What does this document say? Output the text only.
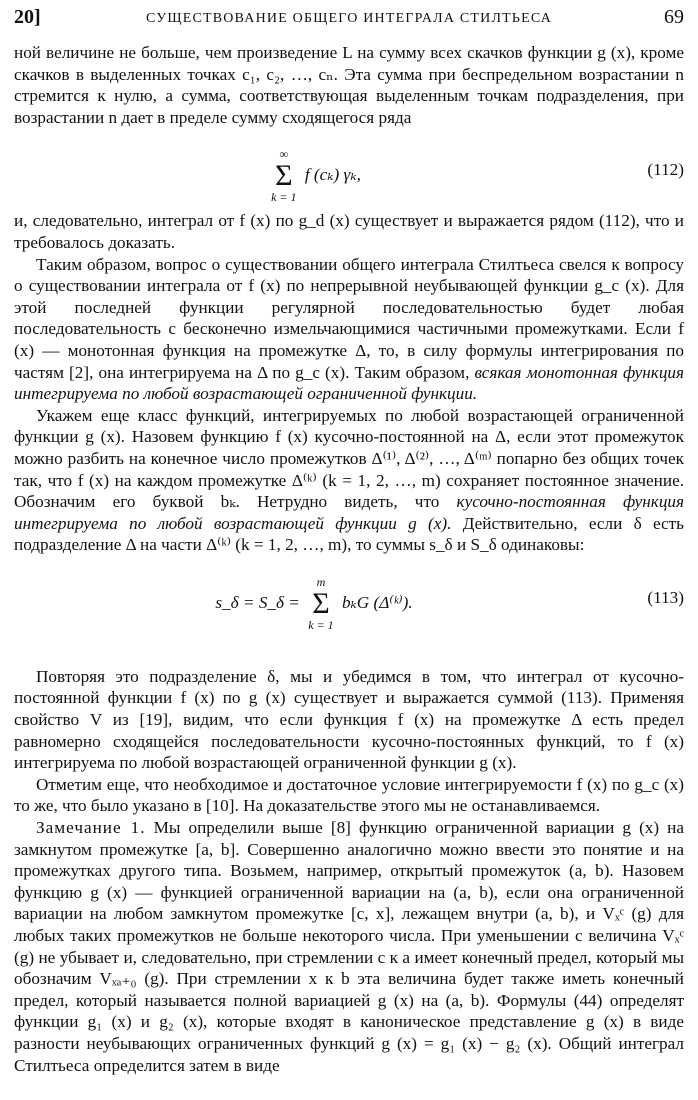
20]	СУЩЕСТВОВАНИЕ ОБЩЕГО ИНТЕГРАЛА СТИЛТЬЕСА	69

ной величине не больше, чем произведение L на сумму всех скачков функции g (x), кроме скачков в выделенных точках c₁, c₂, …, cₙ. Эта сумма при беспредельном возрастании n стремится к нулю, а сумма, соответствующая выделенным точкам подразделения, при возрастании n дает в пределе сумму сходящегося ряда

∞
Σ
k = 1
f (cₖ) γₖ,	(112)

и, следовательно, интеграл от f (x) по g_d (x) существует и выражается рядом (112), что и требовалось доказать.

Таким образом, вопрос о существовании общего интеграла Стилтьеса свелся к вопросу о существовании интеграла от f (x) по непрерывной неубывающей функции g_c (x). Для этой последней функции регулярной последовательностью будет любая последовательность с бесконечно измельчающимися частичными промежутками. Если f (x) — монотонная функция на промежутке Δ, то, в силу формулы интегрирования по частям [2], она интегрируема на Δ по g_c (x). Таким образом, всякая монотонная функция интегрируема по любой возрастающей ограниченной функции.

Укажем еще класс функций, интегрируемых по любой возрастающей ограниченной функции g (x). Назовем функцию f (x) кусочно-постоянной на Δ, если этот промежуток можно разбить на конечное число промежутков Δ⁽¹⁾, Δ⁽²⁾, …, Δ⁽ᵐ⁾ попарно без общих точек так, что f (x) на каждом промежутке Δ⁽ᵏ⁾ (k = 1, 2, …, m) сохраняет постоянное значение. Обозначим его буквой bₖ. Нетрудно видеть, что кусочно-постоянная функция интегрируема по любой возрастающей функции g (x). Действительно, если δ есть подразделение Δ на части Δ⁽ᵏ⁾ (k = 1, 2, …, m), то суммы s_δ и S_δ одинаковы:

s_δ = S_δ =
m
Σ
k = 1
bₖG (Δ⁽ᵏ⁾).	(113)

Повторяя это подразделение δ, мы и убедимся в том, что интеграл от кусочно-постоянной функции f (x) по g (x) существует и выражается суммой (113). Применяя свойство V из [19], видим, что если функция f (x) на промежутке Δ есть предел равномерно сходящейся последовательности кусочно-постоянных функций, то f (x) интегрируема по любой возрастающей ограниченной функции g (x).

Отметим еще, что необходимое и достаточное условие интегрируемости f (x) по g_c (x) то же, что было указано в [10]. На доказательстве этого мы не останавливаемся.

Замечание 1. Мы определили выше [8] функцию ограниченной вариации g (x) на замкнутом промежутке [a, b]. Совершенно аналогично можно ввести это понятие и на промежутках другого типа. Возьмем, например, открытый промежуток (a, b). Назовем функцию g (x) — функцией ограниченной вариации на (a, b), если она ограниченной вариации на любом замкнутом промежутке [c, x], лежащем внутри (a, b), и Vₓᶜ (g) для любых таких промежутков не больше некоторого числа. При уменьшении c величина Vₓᶜ (g) не убывает и, следовательно, при стремлении c к a имеет конечный предел, который мы обозначим Vₓₐ₊₀ (g). При стремлении x к b эта величина будет также иметь конечный предел, который называется полной вариацией g (x) на (a, b). Формулы (44) определят функции g₁ (x) и g₂ (x), которые входят в каноническое представление g (x) в виде разности неубывающих ограниченных функций g (x) = g₁ (x) − g₂ (x). Общий интеграл Стилтьеса определится затем в виде
